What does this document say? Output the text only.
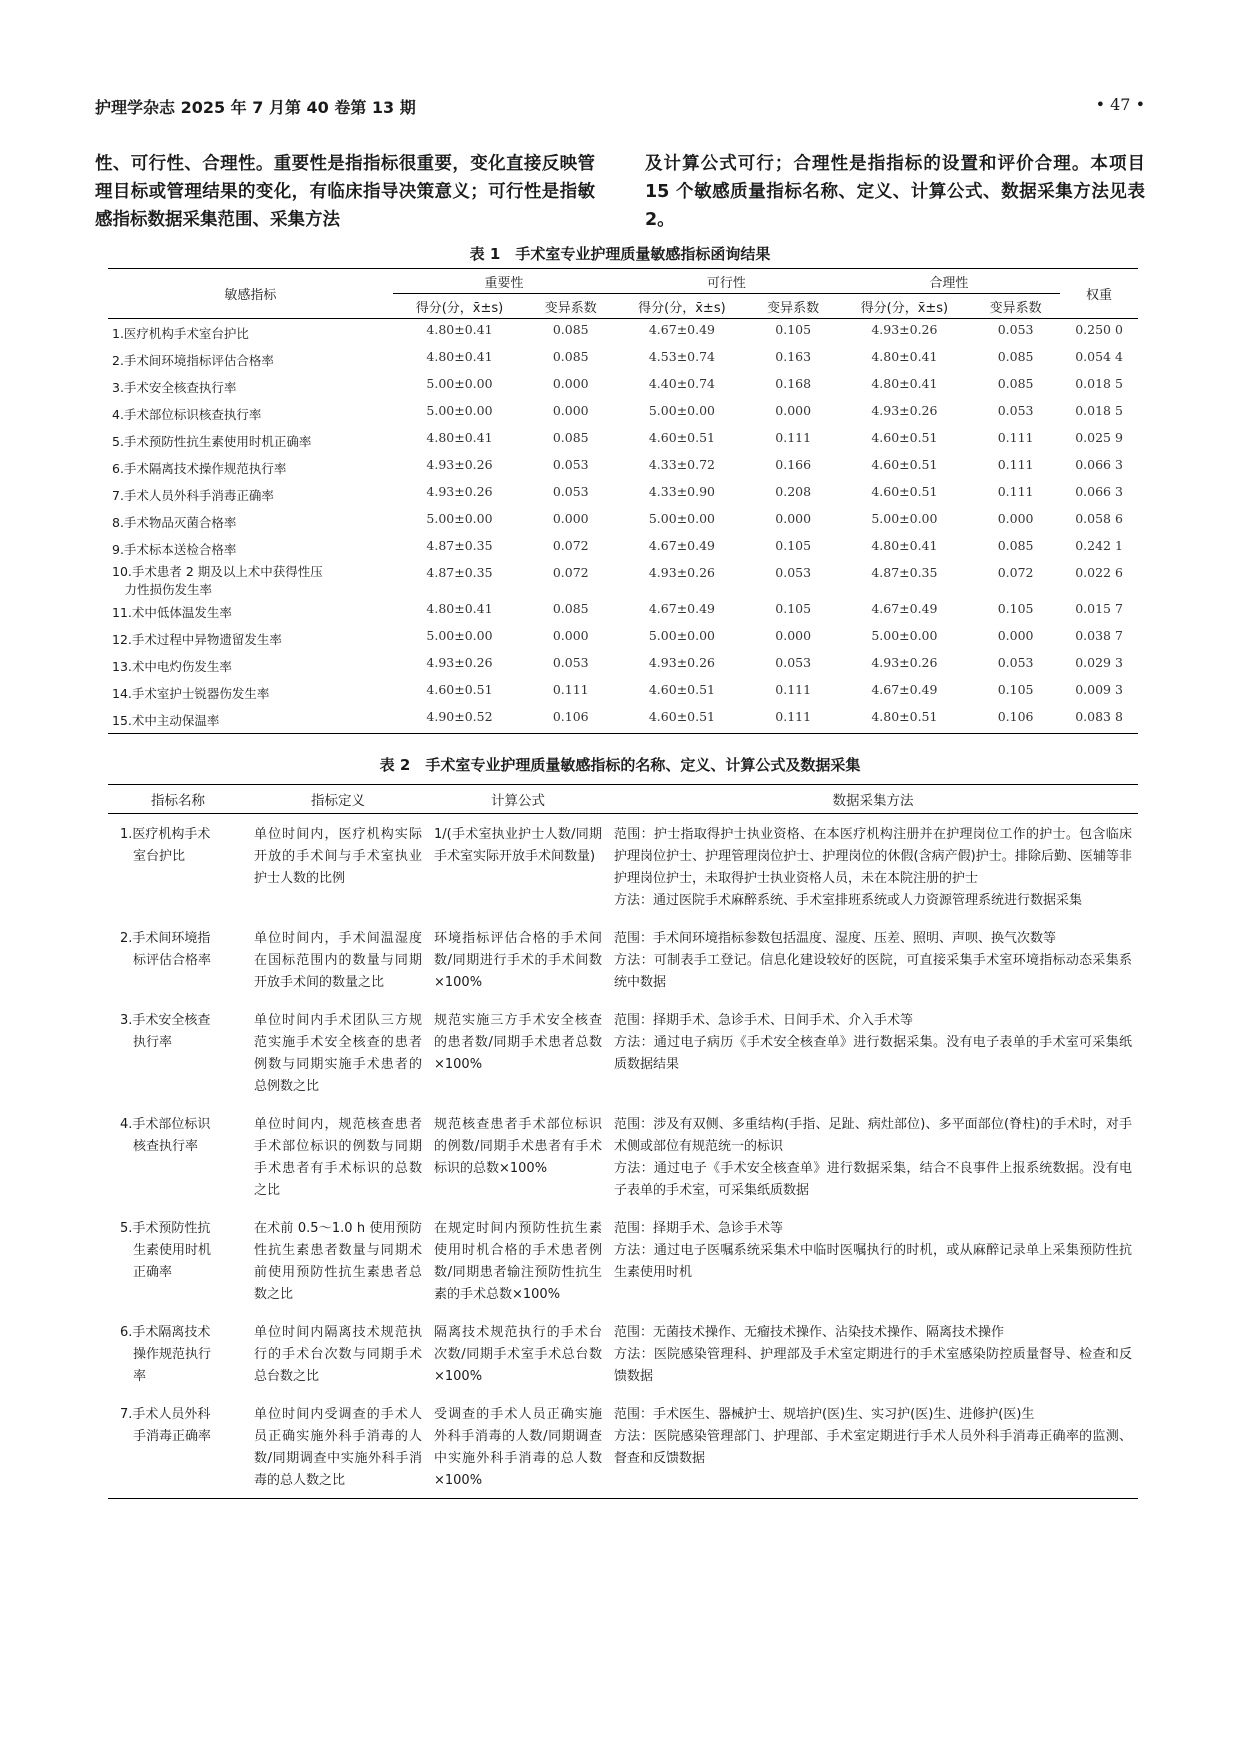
护理学杂志 2025 年 7 月第 40 卷第 13 期	• 47 •
性、可行性、合理性。重要性是指指标很重要，变化直接反映管理目标或管理结果的变化，有临床指导决策意义；可行性是指敏感指标数据采集范围、采集方法
及计算公式可行；合理性是指指标的设置和评价合理。本项目 15 个敏感质量指标名称、定义、计算公式、数据采集方法见表 2。
表 1　手术室专业护理质量敏感指标函询结果
敏感指标	重要性		可行性		合理性		权重
	得分(分，x̄±s)	变异系数	得分(分，x̄±s)	变异系数	得分(分，x̄±s)	变异系数	
1.医疗机构手术室台护比	4.80±0.41	0.085	4.67±0.49	0.105	4.93±0.26	0.053	0.250 0
2.手术间环境指标评估合格率	4.80±0.41	0.085	4.53±0.74	0.163	4.80±0.41	0.085	0.054 4
3.手术安全核查执行率	5.00±0.00	0.000	4.40±0.74	0.168	4.80±0.41	0.085	0.018 5
4.手术部位标识核查执行率	5.00±0.00	0.000	5.00±0.00	0.000	4.93±0.26	0.053	0.018 5
5.手术预防性抗生素使用时机正确率	4.80±0.41	0.085	4.60±0.51	0.111	4.60±0.51	0.111	0.025 9
6.手术隔离技术操作规范执行率	4.93±0.26	0.053	4.33±0.72	0.166	4.60±0.51	0.111	0.066 3
7.手术人员外科手消毒正确率	4.93±0.26	0.053	4.33±0.90	0.208	4.60±0.51	0.111	0.066 3
8.手术物品灭菌合格率	5.00±0.00	0.000	5.00±0.00	0.000	5.00±0.00	0.000	0.058 6
9.手术标本送检合格率	4.87±0.35	0.072	4.67±0.49	0.105	4.80±0.41	0.085	0.242 1
10.手术患者 2 期及以上术中获得性压
　力性损伤发生率	4.87±0.35	0.072	4.93±0.26	0.053	4.87±0.35	0.072	0.022 6
11.术中低体温发生率	4.80±0.41	0.085	4.67±0.49	0.105	4.67±0.49	0.105	0.015 7
12.手术过程中异物遗留发生率	5.00±0.00	0.000	5.00±0.00	0.000	5.00±0.00	0.000	0.038 7
13.术中电灼伤发生率	4.93±0.26	0.053	4.93±0.26	0.053	4.93±0.26	0.053	0.029 3
14.手术室护士锐器伤发生率	4.60±0.51	0.111	4.60±0.51	0.111	4.67±0.49	0.105	0.009 3
15.术中主动保温率	4.90±0.52	0.106	4.60±0.51	0.111	4.80±0.51	0.106	0.083 8
表 2　手术室专业护理质量敏感指标的名称、定义、计算公式及数据采集
指标名称	指标定义	计算公式	数据采集方法
1.医疗机构手术
　室台护比	单位时间内，医疗机构实际开放的手术间与手术室执业护士人数的比例	1/(手术室执业护士人数/同期手术室实际开放手术间数量)	范围：护士指取得护士执业资格、在本医疗机构注册并在护理岗位工作的护士。包含临床护理岗位护士、护理管理岗位护士、护理岗位的休假(含病产假)护士。排除后勤、医辅等非护理岗位护士，未取得护士执业资格人员，未在本院注册的护士
方法：通过医院手术麻醉系统、手术室排班系统或人力资源管理系统进行数据采集
2.手术间环境指
　标评估合格率	单位时间内，手术间温湿度在国标范围内的数量与同期开放手术间的数量之比	环境指标评估合格的手术间数/同期进行手术的手术间数×100%	范围：手术间环境指标参数包括温度、湿度、压差、照明、声呗、换气次数等
方法：可制表手工登记。信息化建设较好的医院，可直接采集手术室环境指标动态采集系统中数据
3.手术安全核查
　执行率	单位时间内手术团队三方规范实施手术安全核查的患者例数与同期实施手术患者的总例数之比	规范实施三方手术安全核查的患者数/同期手术患者总数×100%	范围：择期手术、急诊手术、日间手术、介入手术等
方法：通过电子病历《手术安全核查单》进行数据采集。没有电子表单的手术室可采集纸质数据结果
4.手术部位标识
　核查执行率	单位时间内，规范核查患者手术部位标识的例数与同期手术患者有手术标识的总数之比	规范核查患者手术部位标识的例数/同期手术患者有手术标识的总数×100%	范围：涉及有双侧、多重结构(手指、足趾、病灶部位)、多平面部位(脊柱)的手术时，对手术侧或部位有规范统一的标识
方法：通过电子《手术安全核查单》进行数据采集，结合不良事件上报系统数据。没有电子表单的手术室，可采集纸质数据
5.手术预防性抗
　生素使用时机
　正确率	在术前 0.5～1.0 h 使用预防性抗生素患者数量与同期术前使用预防性抗生素患者总数之比	在规定时间内预防性抗生素使用时机合格的手术患者例数/同期患者输注预防性抗生素的手术总数×100%	范围：择期手术、急诊手术等
方法：通过电子医嘱系统采集术中临时医嘱执行的时机，或从麻醉记录单上采集预防性抗生素使用时机
6.手术隔离技术
　操作规范执行
　率	单位时间内隔离技术规范执行的手术台次数与同期手术总台数之比	隔离技术规范执行的手术台次数/同期手术室手术总台数×100%	范围：无菌技术操作、无瘤技术操作、沾染技术操作、隔离技术操作
方法：医院感染管理科、护理部及手术室定期进行的手术室感染防控质量督导、检查和反馈数据
7.手术人员外科
　手消毒正确率	单位时间内受调查的手术人员正确实施外科手消毒的人数/同期调查中实施外科手消毒的总人数之比	受调查的手术人员正确实施外科手消毒的人数/同期调查中实施外科手消毒的总人数×100%	范围：手术医生、器械护士、规培护(医)生、实习护(医)生、进修护(医)生
方法：医院感染管理部门、护理部、手术室定期进行手术人员外科手消毒正确率的监测、督查和反馈数据
